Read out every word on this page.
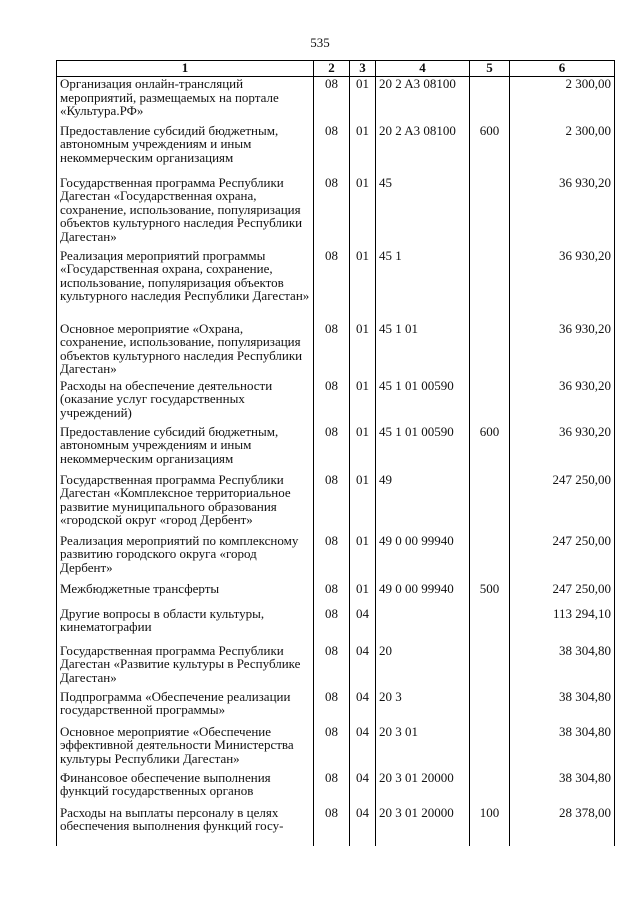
535
1	2	3	4	5	6
Организация онлайн-трансляций мероприятий, размещаемых на портале «Культура.РФ»	08	01	20 2 A3 08100		2 300,00
Предоставление субсидий бюджетным, автономным учреждениям и иным некоммерческим организациям	08	01	20 2 A3 08100	600	2 300,00
Государственная программа Республики Дагестан «Государственная охрана, сохранение, использование, популяризация объектов культурного наследия Республики Дагестан»	08	01	45		36 930,20
Реализация мероприятий программы «Государственная охрана, сохранение, использование, популяризация объектов культурного наследия Республики Дагестан»	08	01	45 1		36 930,20
Основное мероприятие «Охрана, сохранение, использование, популяризация объектов культурного наследия Республики Дагестан»	08	01	45 1 01		36 930,20
Расходы на обеспечение деятельности (оказание услуг государственных учреждений)	08	01	45 1 01 00590		36 930,20
Предоставление субсидий бюджетным, автономным учреждениям и иным некоммерческим организациям	08	01	45 1 01 00590	600	36 930,20
Государственная программа Республики Дагестан «Комплексное территориальное развитие муниципального образования «городской округ «город Дербент»	08	01	49		247 250,00
Реализация мероприятий по комплексному развитию городского округа «город Дербент»	08	01	49 0 00 99940		247 250,00
Межбюджетные трансферты	08	01	49 0 00 99940	500	247 250,00
Другие вопросы в области культуры, кинематографии	08	04			113 294,10
Государственная программа Республики Дагестан «Развитие культуры в Республике Дагестан»	08	04	20		38 304,80
Подпрограмма «Обеспечение реализации государственной программы»	08	04	20 3		38 304,80
Основное мероприятие «Обеспечение эффективной деятельности Министерства культуры Республики Дагестан»	08	04	20 3 01		38 304,80
Финансовое обеспечение выполнения функций государственных органов	08	04	20 3 01 20000		38 304,80
Расходы на выплаты персоналу в целях обеспечения выполнения функций госу-	08	04	20 3 01 20000	100	28 378,00
